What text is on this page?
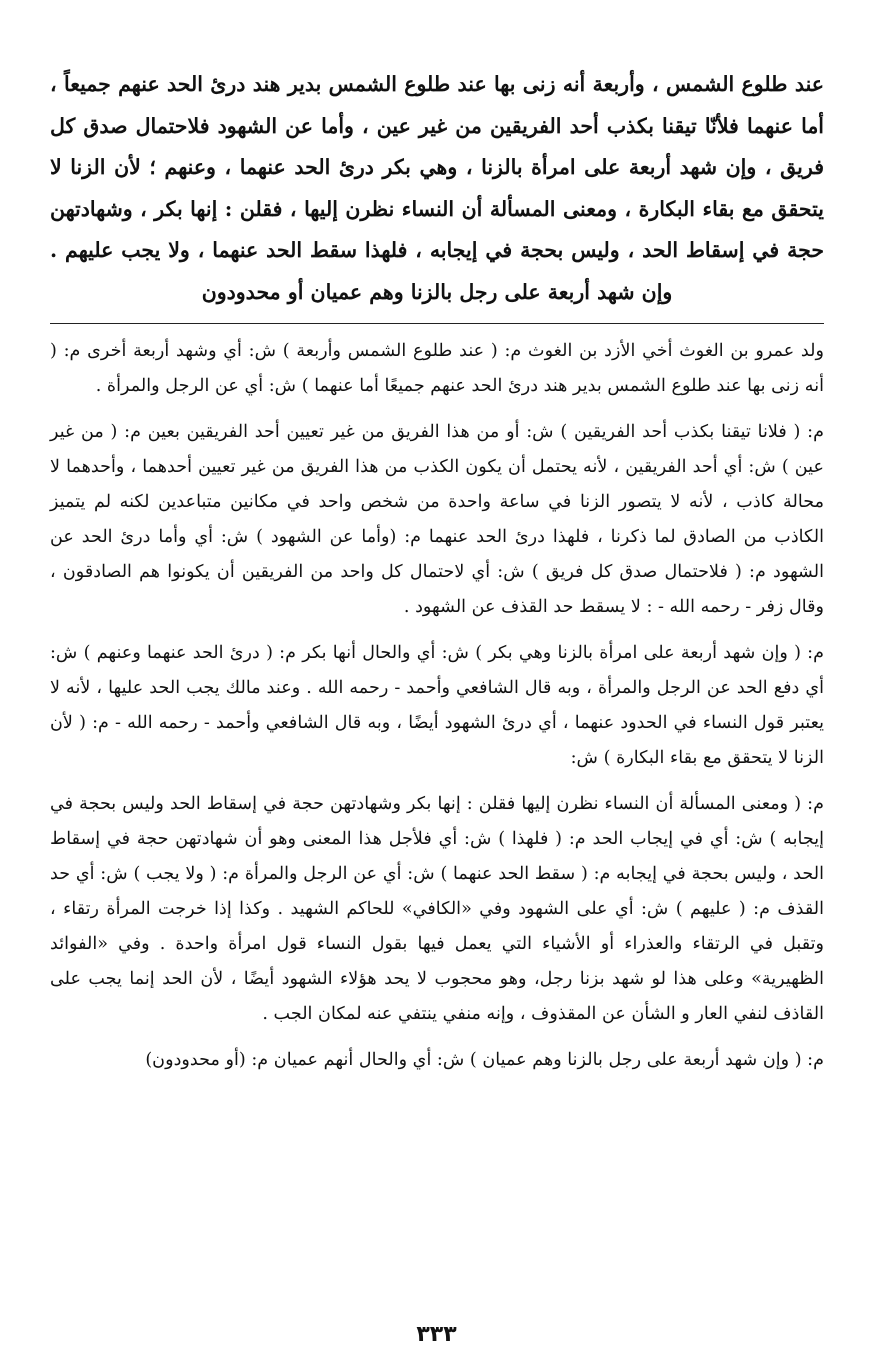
عند طلوع الشمس ، وأربعة أنه زنى بها عند طلوع الشمس بدير هند درئ الحد عنهم جميعاً ، أما عنهما فلأنّا تيقنا بكذب أحد الفريقين من غير عين ، وأما عن الشهود فلاحتمال صدق كل فريق ، وإن شهد أربعة على امرأة بالزنا ، وهي بكر درئ الحد عنهما ، وعنهم ؛ لأن الزنا لا يتحقق مع بقاء البكارة ، ومعنى المسألة أن النساء نظرن إليها ، فقلن : إنها بكر ، وشهادتهن حجة في إسقاط الحد ، وليس بحجة في إيجابه ، فلهذا سقط الحد عنهما ، ولا يجب عليهم . وإن شهد أربعة على رجل بالزنا وهم عميان أو محدودون

ولد عمرو بن الغوث أخي الأزد بن الغوث م: ( عند طلوع الشمس وأربعة ) ش: أي وشهد أربعة أخرى م: ( أنه زنى بها عند طلوع الشمس بدير هند درئ الحد عنهم جميعًا أما عنهما ) ش: أي عن الرجل والمرأة .

م: ( فلانا تيقنا بكذب أحد الفريقين ) ش: أو من هذا الفريق من غير تعيين أحد الفريقين بعين م: ( من غير عين ) ش: أي أحد الفريقين ، لأنه يحتمل أن يكون الكذب من هذا الفريق من غير تعيين أحدهما ، وأحدهما لا محالة كاذب ، لأنه لا يتصور الزنا في ساعة واحدة من شخص واحد في مكانين متباعدين لكنه لم يتميز الكاذب من الصادق لما ذكرنا ، فلهذا درئ الحد عنهما م: (وأما عن الشهود ) ش: أي وأما درئ الحد عن الشهود م: ( فلاحتمال صدق كل فريق ) ش: أي لاحتمال كل واحد من الفريقين أن يكونوا هم الصادقون ، وقال زفر - رحمه الله - : لا يسقط حد القذف عن الشهود .

م: ( وإن شهد أربعة على امرأة بالزنا وهي بكر ) ش: أي والحال أنها بكر م: ( درئ الحد عنهما وعنهم ) ش: أي دفع الحد عن الرجل والمرأة ، وبه قال الشافعي وأحمد - رحمه الله . وعند مالك يجب الحد عليها ، لأنه لا يعتبر قول النساء في الحدود عنهما ، أي درئ الشهود أيضًا ، وبه قال الشافعي وأحمد - رحمه الله - م: ( لأن الزنا لا يتحقق مع بقاء البكارة ) ش:

م: ( ومعنى المسألة أن النساء نظرن إليها فقلن : إنها بكر وشهادتهن حجة في إسقاط الحد وليس بحجة في إيجابه ) ش: أي في إيجاب الحد م: ( فلهذا ) ش: أي فلأجل هذا المعنى وهو أن شهادتهن حجة في إسقاط الحد ، وليس بحجة في إيجابه م: ( سقط الحد عنهما ) ش: أي عن الرجل والمرأة م: ( ولا يجب ) ش: أي حد القذف م: ( عليهم ) ش: أي على الشهود وفي «الكافي» للحاكم الشهيد . وكذا إذا خرجت المرأة رتقاء ، وتقبل في الرتقاء والعذراء أو الأشياء التي يعمل فيها بقول النساء قول امرأة واحدة . وفي «الفوائد الظهيرية» وعلى هذا لو شهد بزنا رجل، وهو محجوب لا يحد هؤلاء الشهود أيضًا ، لأن الحد إنما يجب على القاذف لنفي العار و الشأن عن المقذوف ، وإنه منفي ينتفي عنه لمكان الجب .

م: ( وإن شهد أربعة على رجل بالزنا وهم عميان ) ش: أي والحال أنهم عميان م: (أو محدودون)

٣٣٣
